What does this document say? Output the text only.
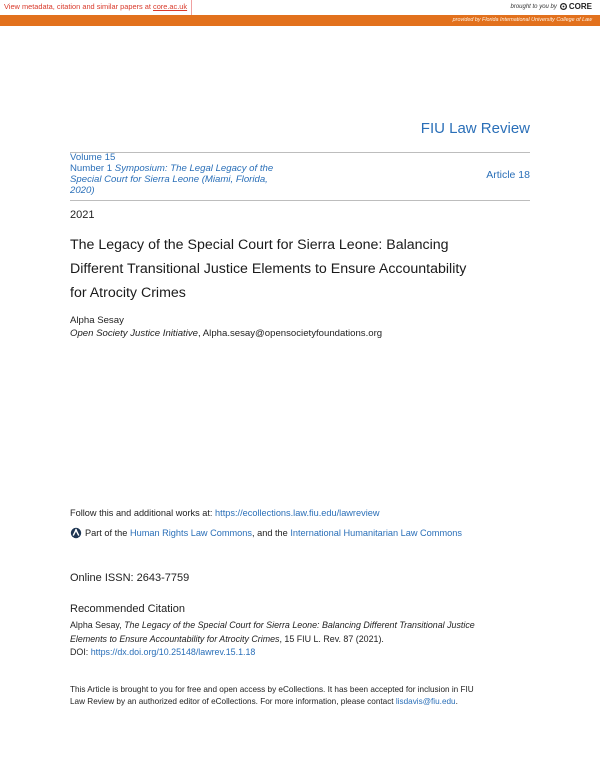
View metadata, citation and similar papers at core.ac.uk	brought to you by CORE
provided by Florida International University College of Law
FIU Law Review
Volume 15
Number 1 Symposium: The Legal Legacy of the
Special Court for Sierra Leone (Miami, Florida,
2020)
Article 18
2021
The Legacy of the Special Court for Sierra Leone: Balancing
Different Transitional Justice Elements to Ensure Accountability
for Atrocity Crimes
Alpha Sesay
Open Society Justice Initiative, Alpha.sesay@opensocietyfoundations.org
Follow this and additional works at: https://ecollections.law.fiu.edu/lawreview
Part of the Human Rights Law Commons, and the International Humanitarian Law Commons
Online ISSN: 2643-7759
Recommended Citation
Alpha Sesay, The Legacy of the Special Court for Sierra Leone: Balancing Different Transitional Justice
Elements to Ensure Accountability for Atrocity Crimes, 15 FIU L. Rev. 87 (2021).
DOI: https://dx.doi.org/10.25148/lawrev.15.1.18
This Article is brought to you for free and open access by eCollections. It has been accepted for inclusion in FIU
Law Review by an authorized editor of eCollections. For more information, please contact lisdavis@fiu.edu.
